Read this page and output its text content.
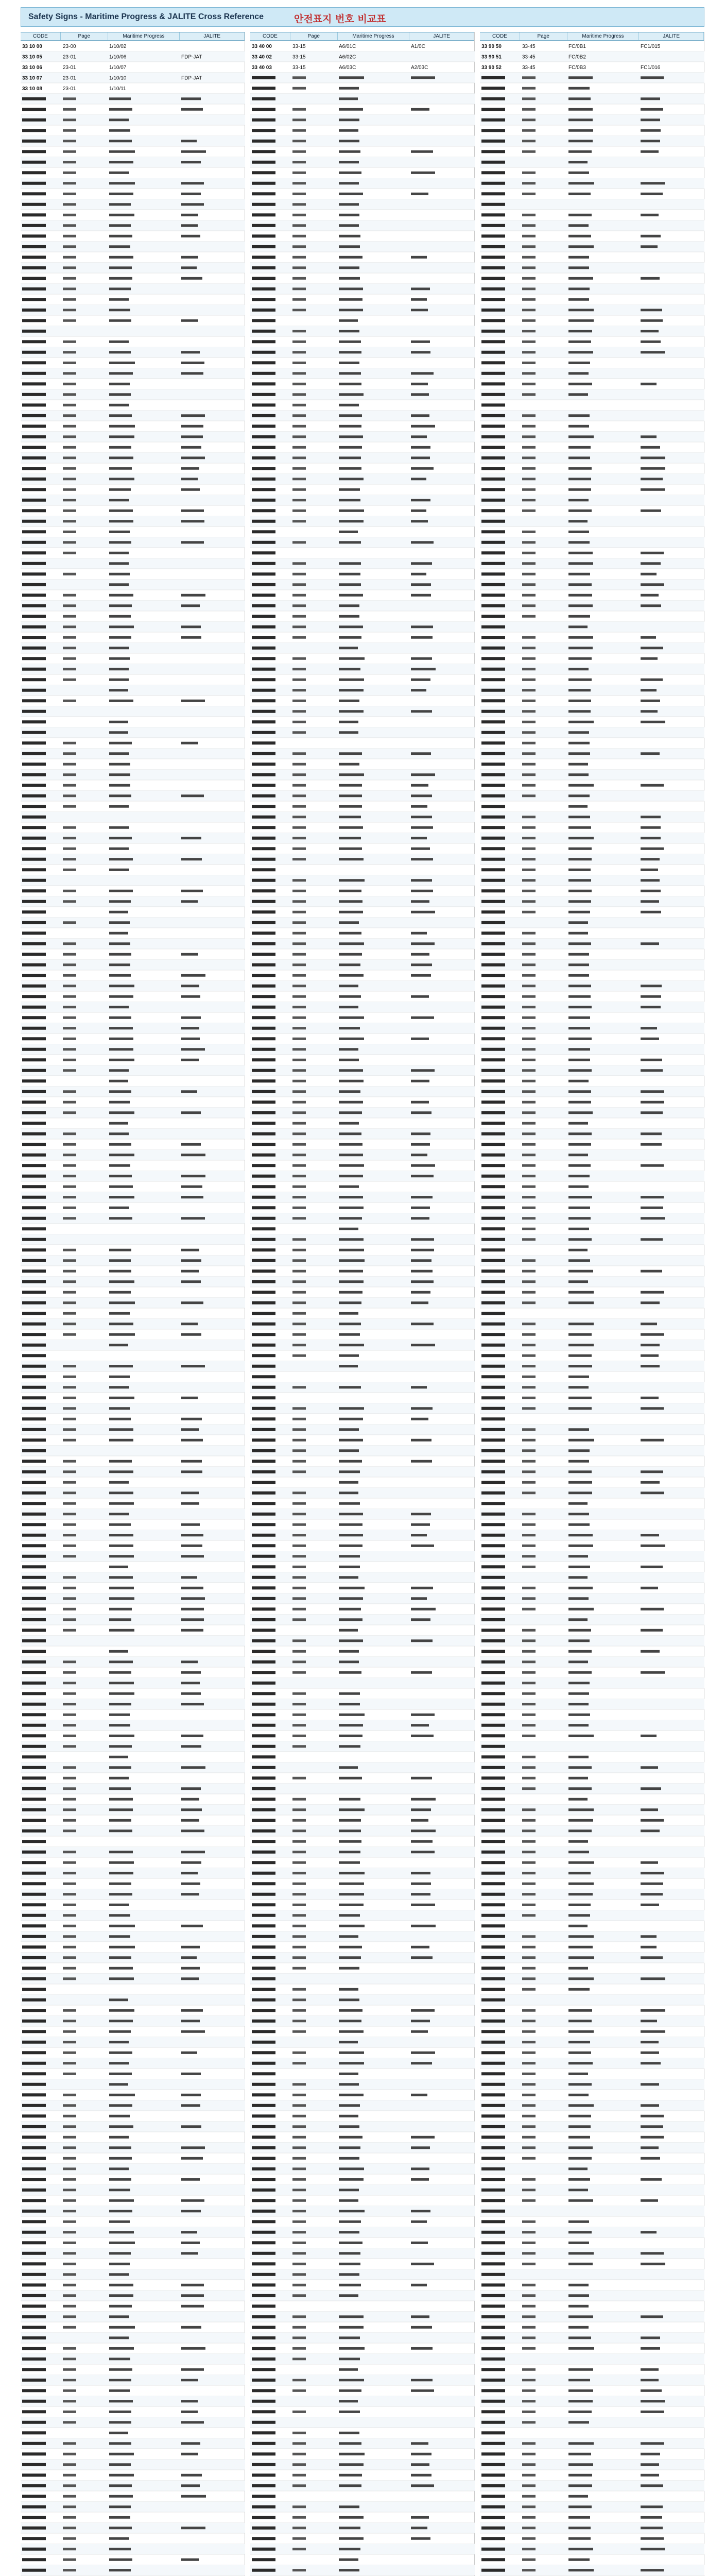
Safety Signs - Maritime Progress & JALITE Cross Reference	안전표지 번호 비교표
CODE	Page	Maritime Progress	JALITE
33 10 00	23-00	1/10/02
33 10 05	23-01	1/10/06	FDP-JAT
33 10 06	23-01	1/10/07
33 10 07	23-01	1/10/10	FDP-JAT
33 10 08	23-01	1/10/11
CODE	Page	Maritime Progress	JALITE
33 40 00	33-15	A6/01C	A1/0C
33 40 02	33-15	A6/02C
33 40 03	33-15	A6/03C	A2/03C
CODE	Page	Maritime Progress	JALITE
33 90 50	33-45	FC/0B1	FC1/015
33 90 51	33-45	FC/0B2
33 90 52	33-45	FC/0B3	FC1/016
